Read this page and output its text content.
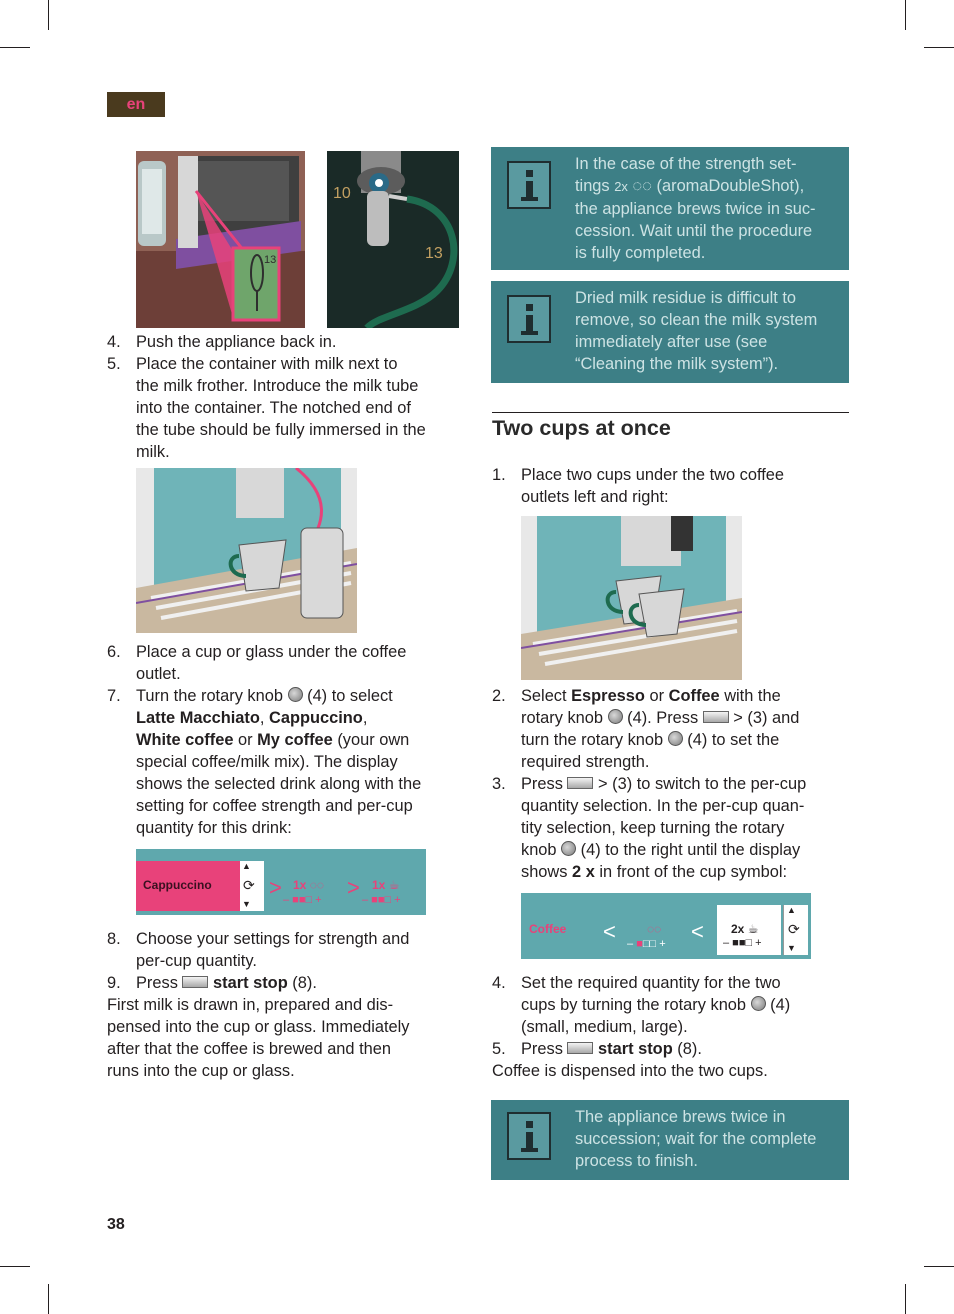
en
13
10
13
4. Push the appliance back in.
5. Place the container with milk next to
the milk frother. Introduce the milk tube
into the container. The notched end of
the tube should be fully immersed in the
milk.
6. Place a cup or glass under the coffee
outlet.
7. Turn the rotary knob (4) to select
Latte Macchiato, Cappuccino,
White coffee or My coffee (your own
special coffee/milk mix). The display
shows the selected drink along with the
setting for coffee strength and per-cup
quantity for this drink:
Cappuccino
▲
⟳
▼
> 1x ◌◌
– ■■□ + > 1x ☕
– ■■□ +
8. Choose your settings for strength and
per-cup quantity.
9. Press start stop (8).
First milk is drawn in, prepared and dis-
pensed into the cup or glass. Immediately
after that the coffee is brewed and then
runs into the cup or glass.
In the case of the strength set-
tings 2x ◌◌ (aromaDoubleShot),
the appliance brews twice in suc-
cession. Wait until the procedure
is fully completed.
Dried milk residue is difficult to
remove, so clean the milk system
immediately after use (see
“Cleaning the milk system”).
Two cups at once
1. Place two cups under the two coffee
outlets left and right:
2. Select Espresso or Coffee with the
rotary knob (4). Press > (3) and
turn the rotary knob (4) to set the
required strength.
3. Press > (3) to switch to the per-cup
quantity selection. In the per-cup quan-
tity selection, keep turning the rotary
knob (4) to the right until the display
shows 2 x in front of the cup symbol:
Coffee <	◌◌
– ■□□ + < 2x ☕
– ■■□ +
▲
⟳
▼
4. Set the required quantity for the two
cups by turning the rotary knob (4)
(small, medium, large).
5. Press start stop (8).
Coffee is dispensed into the two cups.
The appliance brews twice in
succession; wait for the complete
process to finish.
38
